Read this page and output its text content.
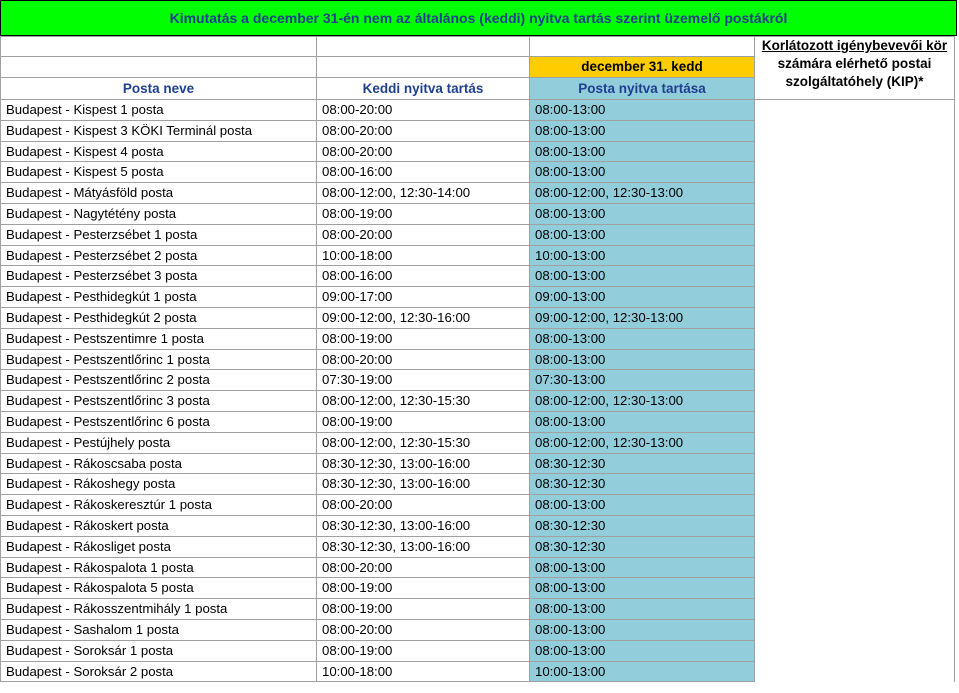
Kimutatás a december 31-én nem az általános (keddi) nyitva tartás szerint üzemelő postákról
			Korlátozott igénybevevői kör
számára elérhető postai
szolgáltatóhely (KIP)*
		december 31. kedd	
Posta neve	Keddi nyitva tartás	Posta nyitva tartása	
Budapest - Kispest 1 posta	08:00-20:00	08:00-13:00	
Budapest - Kispest 3 KÖKI Terminál posta	08:00-20:00	08:00-13:00	
Budapest - Kispest 4 posta	08:00-20:00	08:00-13:00	
Budapest - Kispest 5 posta	08:00-16:00	08:00-13:00	
Budapest - Mátyásföld posta	08:00-12:00, 12:30-14:00	08:00-12:00, 12:30-13:00	
Budapest - Nagytétény posta	08:00-19:00	08:00-13:00	
Budapest - Pesterzsébet 1 posta	08:00-20:00	08:00-13:00	
Budapest - Pesterzsébet 2 posta	10:00-18:00	10:00-13:00	
Budapest - Pesterzsébet 3 posta	08:00-16:00	08:00-13:00	
Budapest - Pesthidegkút 1 posta	09:00-17:00	09:00-13:00	
Budapest - Pesthidegkút 2 posta	09:00-12:00, 12:30-16:00	09:00-12:00, 12:30-13:00	
Budapest - Pestszentimre 1 posta	08:00-19:00	08:00-13:00	
Budapest - Pestszentlőrinc 1 posta	08:00-20:00	08:00-13:00	
Budapest - Pestszentlőrinc 2 posta	07:30-19:00	07:30-13:00	
Budapest - Pestszentlőrinc 3 posta	08:00-12:00, 12:30-15:30	08:00-12:00, 12:30-13:00	
Budapest - Pestszentlőrinc 6 posta	08:00-19:00	08:00-13:00	
Budapest - Pestújhely posta	08:00-12:00, 12:30-15:30	08:00-12:00, 12:30-13:00	
Budapest - Rákoscsaba posta	08:30-12:30, 13:00-16:00	08:30-12:30	
Budapest - Rákoshegy posta	08:30-12:30, 13:00-16:00	08:30-12:30	
Budapest - Rákoskeresztúr 1 posta	08:00-20:00	08:00-13:00	
Budapest - Rákoskert posta	08:30-12:30, 13:00-16:00	08:30-12:30	
Budapest - Rákosliget posta	08:30-12:30, 13:00-16:00	08:30-12:30	
Budapest - Rákospalota 1 posta	08:00-20:00	08:00-13:00	
Budapest - Rákospalota 5 posta	08:00-19:00	08:00-13:00	
Budapest - Rákosszentmihály 1 posta	08:00-19:00	08:00-13:00	
Budapest - Sashalom 1 posta	08:00-20:00	08:00-13:00	
Budapest - Soroksár 1 posta	08:00-19:00	08:00-13:00	
Budapest - Soroksár 2 posta	10:00-18:00	10:00-13:00	
